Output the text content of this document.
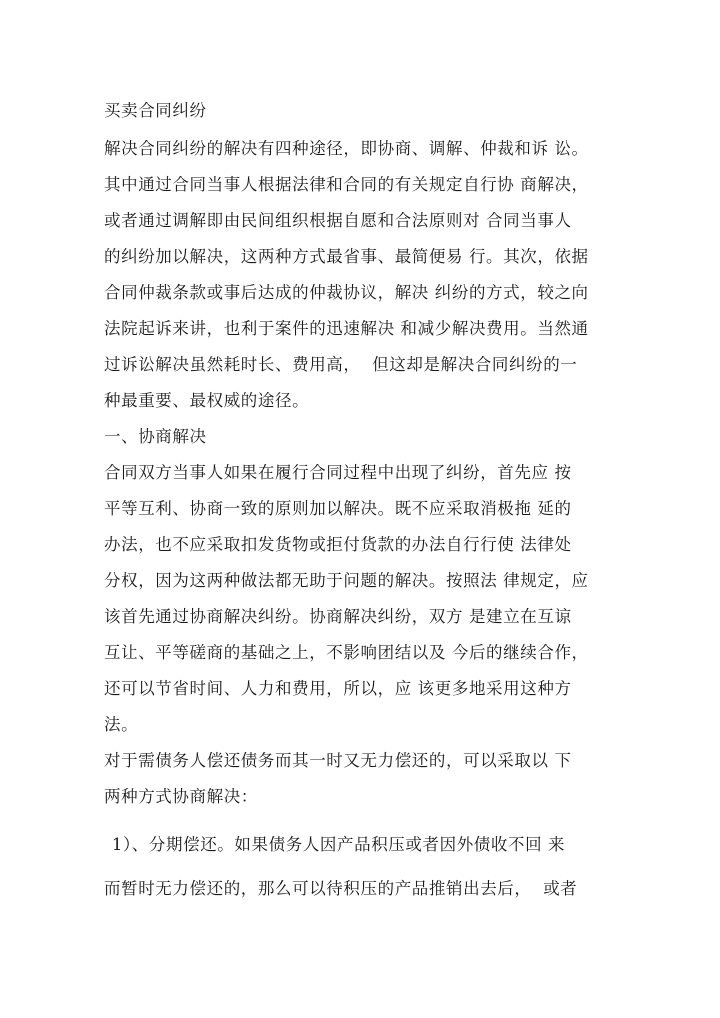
买卖合同纠纷
解决合同纠纷的解决有四种途径，即协商、调解、仲裁和诉 讼。
其中通过合同当事人根据法律和合同的有关规定自行协 商解决，
或者通过调解即由民间组织根据自愿和合法原则对 合同当事人
的纠纷加以解决，这两种方式最省事、最简便易 行。其次，依据
合同仲裁条款或事后达成的仲裁协议，解决 纠纷的方式，较之向
法院起诉来讲，也利于案件的迅速解决 和减少解决费用。当然通
过诉讼解决虽然耗时长、费用高，  但这却是解决合同纠纷的一
种最重要、最权威的途径。
一、协商解决
合同双方当事人如果在履行合同过程中出现了纠纷，首先应 按
平等互利、协商一致的原则加以解决。既不应采取消极拖 延的
办法，也不应采取扣发货物或拒付货款的办法自行行使 法律处
分权，因为这两种做法都无助于问题的解决。按照法 律规定，应
该首先通过协商解决纠纷。协商解决纠纷，双方 是建立在互谅
互让、平等磋商的基础之上，不影响团结以及 今后的继续合作，
还可以节省时间、人力和费用，所以，应 该更多地采用这种方
法。
对于需债务人偿还债务而其一时又无力偿还的，可以采取以 下
两种方式协商解决：
1）、分期偿还。如果债务人因产品积压或者因外债收不回 来
而暂时无力偿还的，那么可以待积压的产品推销出去后，  或者
